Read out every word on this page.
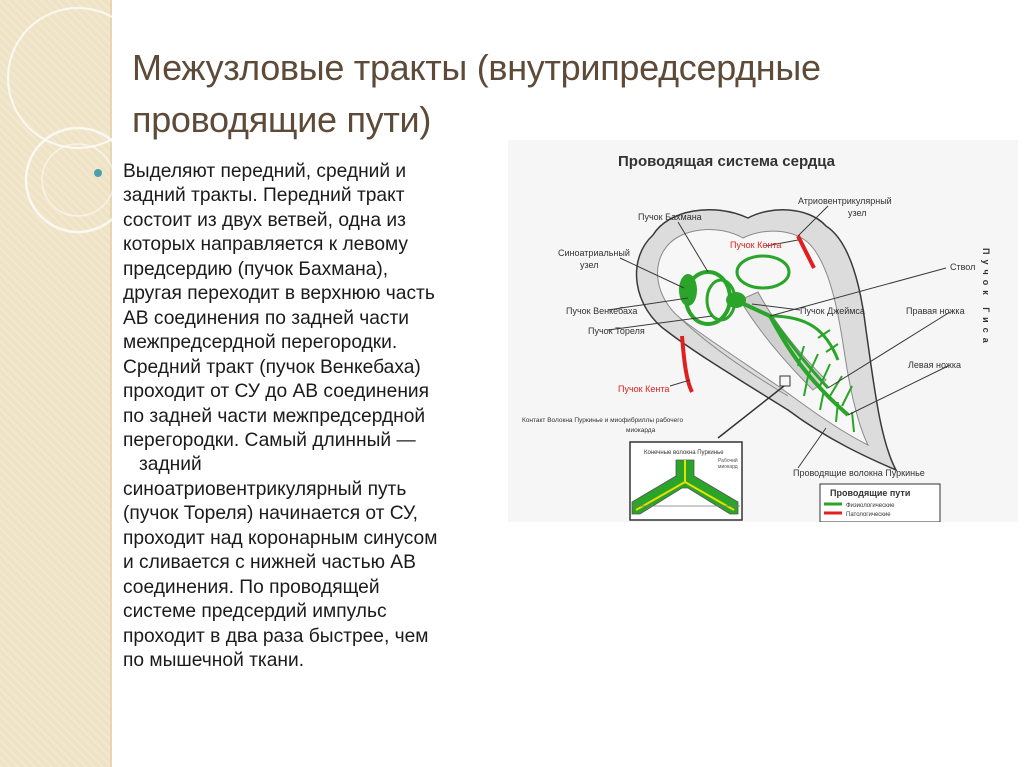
Межузловые тракты (внутрипредсердные
проводящие пути)
Выделяют передний, средний и
задний тракты. Передний тракт
состоит из двух ветвей, одна из
которых направляется к левому
предсердию (пучок Бахмана),
другая переходит в верхнюю часть
АВ соединения по задней части
межпредсердной перегородки.
Средний тракт (пучок Венкебаха)
проходит от СУ до АВ соединения
по задней части межпредсердной
перегородки. Самый длинный —
задний
синоатриовентрикулярный путь
(пучок Тореля) начинается от СУ,
проходит над коронарным синусом
и сливается с нижней частью АВ
соединения. По проводящей
системе предсердий импульс
проходит в два раза быстрее, чем
по мышечной ткани.
Проводящая система сердца
Пучок Бахмана
Атриовентрикулярный
узел
Пучок Кента
Синоатриальный
узел	Ствол
Пучок Венкебаха	Пучок Джеймса	Правая ножка
Пучок Тореля
Левая ножка
Пучок Кента
Проводящие волокна Пуркинье
Контакт Волокна Пуркинье и миофибриллы рабочего
миокарда
Пучок Гиса
Конечные волокна Пуркинье
Рабочий
миокард
Проводящие пути
Физиологические
Патологические
